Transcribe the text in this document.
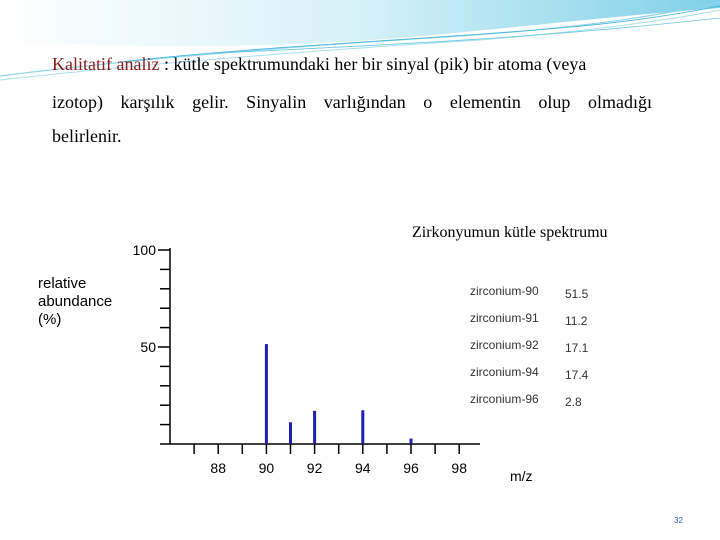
Kalitatif analiz : kütle spektrumundaki her bir sinyal (pik) bir atoma (veya
izotop) karşılık gelir. Sinyalin varlığından o elementin olup olmadığı
belirlenir.
Zirkonyumun kütle spektrumu
100
50
88 90 92 94 96 98
relative
abundance
(%)
m/z
zirconium-90 51.5
zirconium-91 11.2
zirconium-92 17.1
zirconium-94 17.4
zirconium-96 2.8
32
